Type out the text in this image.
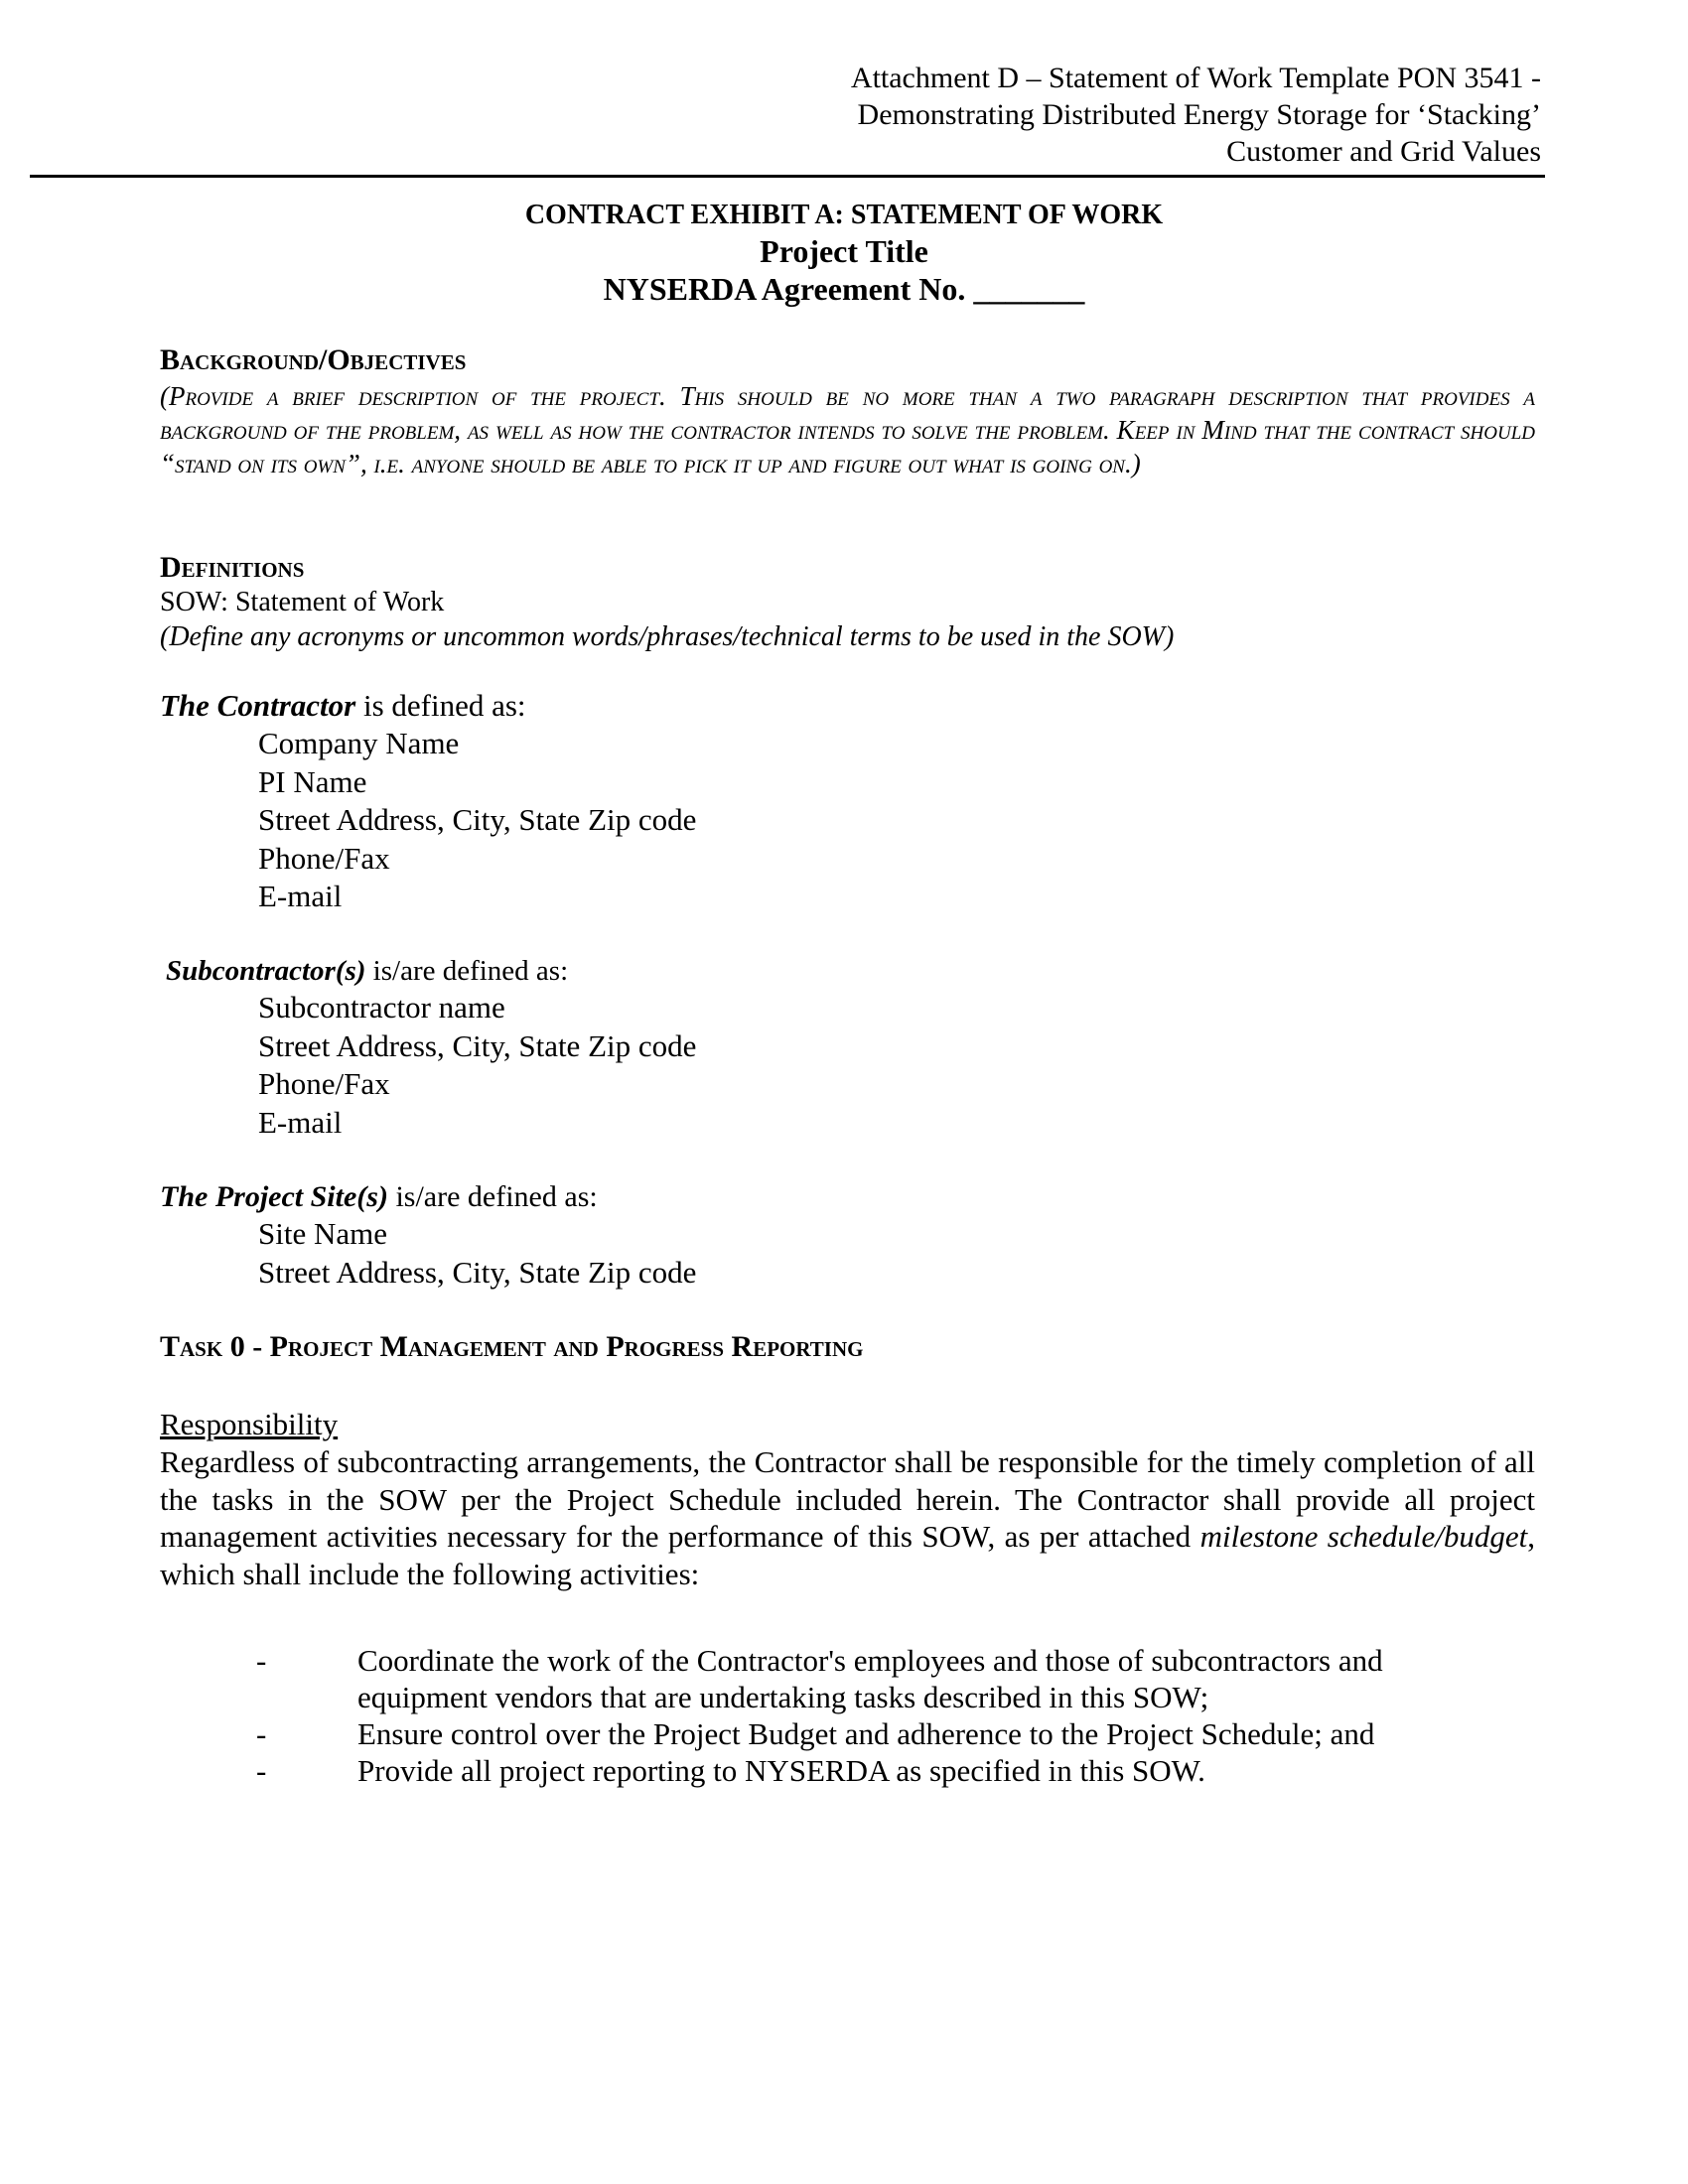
Attachment D – Statement of Work Template PON 3541 -
Demonstrating Distributed Energy Storage for ‘Stacking’
Customer and Grid Values
CONTRACT EXHIBIT A: STATEMENT OF WORK
Project Title
NYSERDA Agreement No. _______
Background/Objectives
(Provide a brief description of the project. This should be no more than a two paragraph description that provides a background of the problem, as well as how the contractor intends to solve the problem. Keep in Mind that the contract should “stand on its own”, i.e. anyone should be able to pick it up and figure out what is going on.)
Definitions
SOW: Statement of Work
(Define any acronyms or uncommon words/phrases/technical terms to be used in the SOW)
The Contractor is defined as:
Company Name
PI Name
Street Address, City, State Zip code
Phone/Fax
E-mail
Subcontractor(s) is/are defined as:
Subcontractor name
Street Address, City, State Zip code
Phone/Fax
E-mail
The Project Site(s) is/are defined as:
Site Name
Street Address, City, State Zip code
Task 0 - Project Management and Progress Reporting
Responsibility
Regardless of subcontracting arrangements, the Contractor shall be responsible for the timely completion of all the tasks in the SOW per the Project Schedule included herein. The Contractor shall provide all project management activities necessary for the performance of this SOW, as per attached milestone schedule/budget, which shall include the following activities:
-	Coordinate the work of the Contractor's employees and those of subcontractors and equipment vendors that are undertaking tasks described in this SOW;
-	Ensure control over the Project Budget and adherence to the Project Schedule; and
-	Provide all project reporting to NYSERDA as specified in this SOW.
